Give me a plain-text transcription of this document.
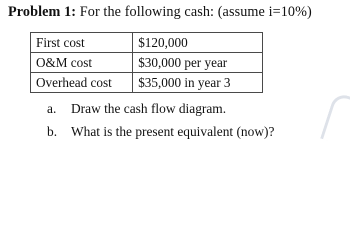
Problem 1: For the following cash: (assume i=10%)
First cost	$120,000
O&M cost	$30,000 per year
Overhead cost	$35,000 in year 3
a. Draw the cash flow diagram.
b. What is the present equivalent (now)?
